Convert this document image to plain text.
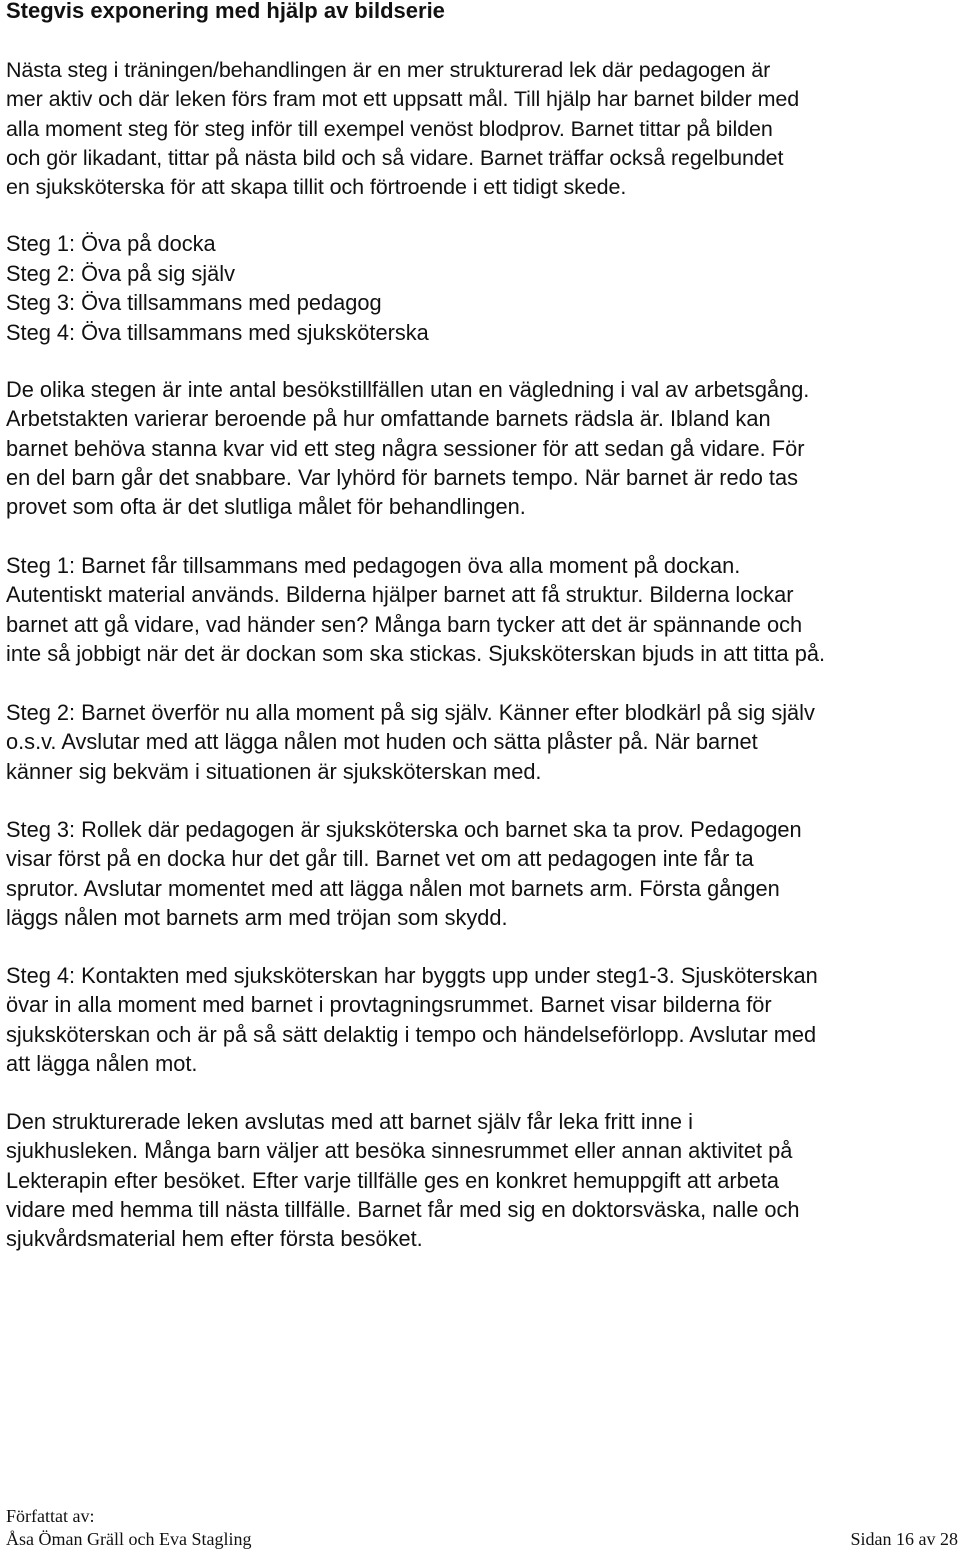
Stegvis exponering med hjälp av bildserie

Nästa steg i träningen/behandlingen är en mer strukturerad lek där pedagogen är
mer aktiv och där leken förs fram mot ett uppsatt mål. Till hjälp har barnet bilder med
alla moment steg för steg inför till exempel venöst blodprov. Barnet tittar på bilden
och gör likadant, tittar på nästa bild och så vidare. Barnet träffar också regelbundet
en sjuksköterska för att skapa tillit och förtroende i ett tidigt skede.

Steg 1: Öva på docka
Steg 2: Öva på sig själv
Steg 3: Öva tillsammans med pedagog
Steg 4: Öva tillsammans med sjuksköterska

De olika stegen är inte antal besökstillfällen utan en vägledning i val av arbetsgång.
Arbetstakten varierar beroende på hur omfattande barnets rädsla är. Ibland kan
barnet behöva stanna kvar vid ett steg några sessioner för att sedan gå vidare. För
en del barn går det snabbare. Var lyhörd för barnets tempo. När barnet är redo tas
provet som ofta är det slutliga målet för behandlingen.

Steg 1: Barnet får tillsammans med pedagogen öva alla moment på dockan.
Autentiskt material används. Bilderna hjälper barnet att få struktur. Bilderna lockar
barnet att gå vidare, vad händer sen? Många barn tycker att det är spännande och
inte så jobbigt när det är dockan som ska stickas. Sjuksköterskan bjuds in att titta på.

Steg 2: Barnet överför nu alla moment på sig själv. Känner efter blodkärl på sig själv
o.s.v. Avslutar med att lägga nålen mot huden och sätta plåster på. När barnet
känner sig bekväm i situationen är sjuksköterskan med.

Steg 3: Rollek där pedagogen är sjuksköterska och barnet ska ta prov. Pedagogen
visar först på en docka hur det går till. Barnet vet om att pedagogen inte får ta
sprutor. Avslutar momentet med att lägga nålen mot barnets arm. Första gången
läggs nålen mot barnets arm med tröjan som skydd.

Steg 4: Kontakten med sjuksköterskan har byggts upp under steg1-3. Sjusköterskan
övar in alla moment med barnet i provtagningsrummet. Barnet visar bilderna för
sjuksköterskan och är på så sätt delaktig i tempo och händelseförlopp. Avslutar med
att lägga nålen mot.

Den strukturerade leken avslutas med att barnet själv får leka fritt inne i
sjukhusleken. Många barn väljer att besöka sinnesrummet eller annan aktivitet på
Lekterapin efter besöket. Efter varje tillfälle ges en konkret hemuppgift att arbeta
vidare med hemma till nästa tillfälle. Barnet får med sig en doktorsväska, nalle och
sjukvårdsmaterial hem efter första besöket.

Författat av:
Åsa Öman Gräll och Eva Stagling	Sidan 16 av 28
